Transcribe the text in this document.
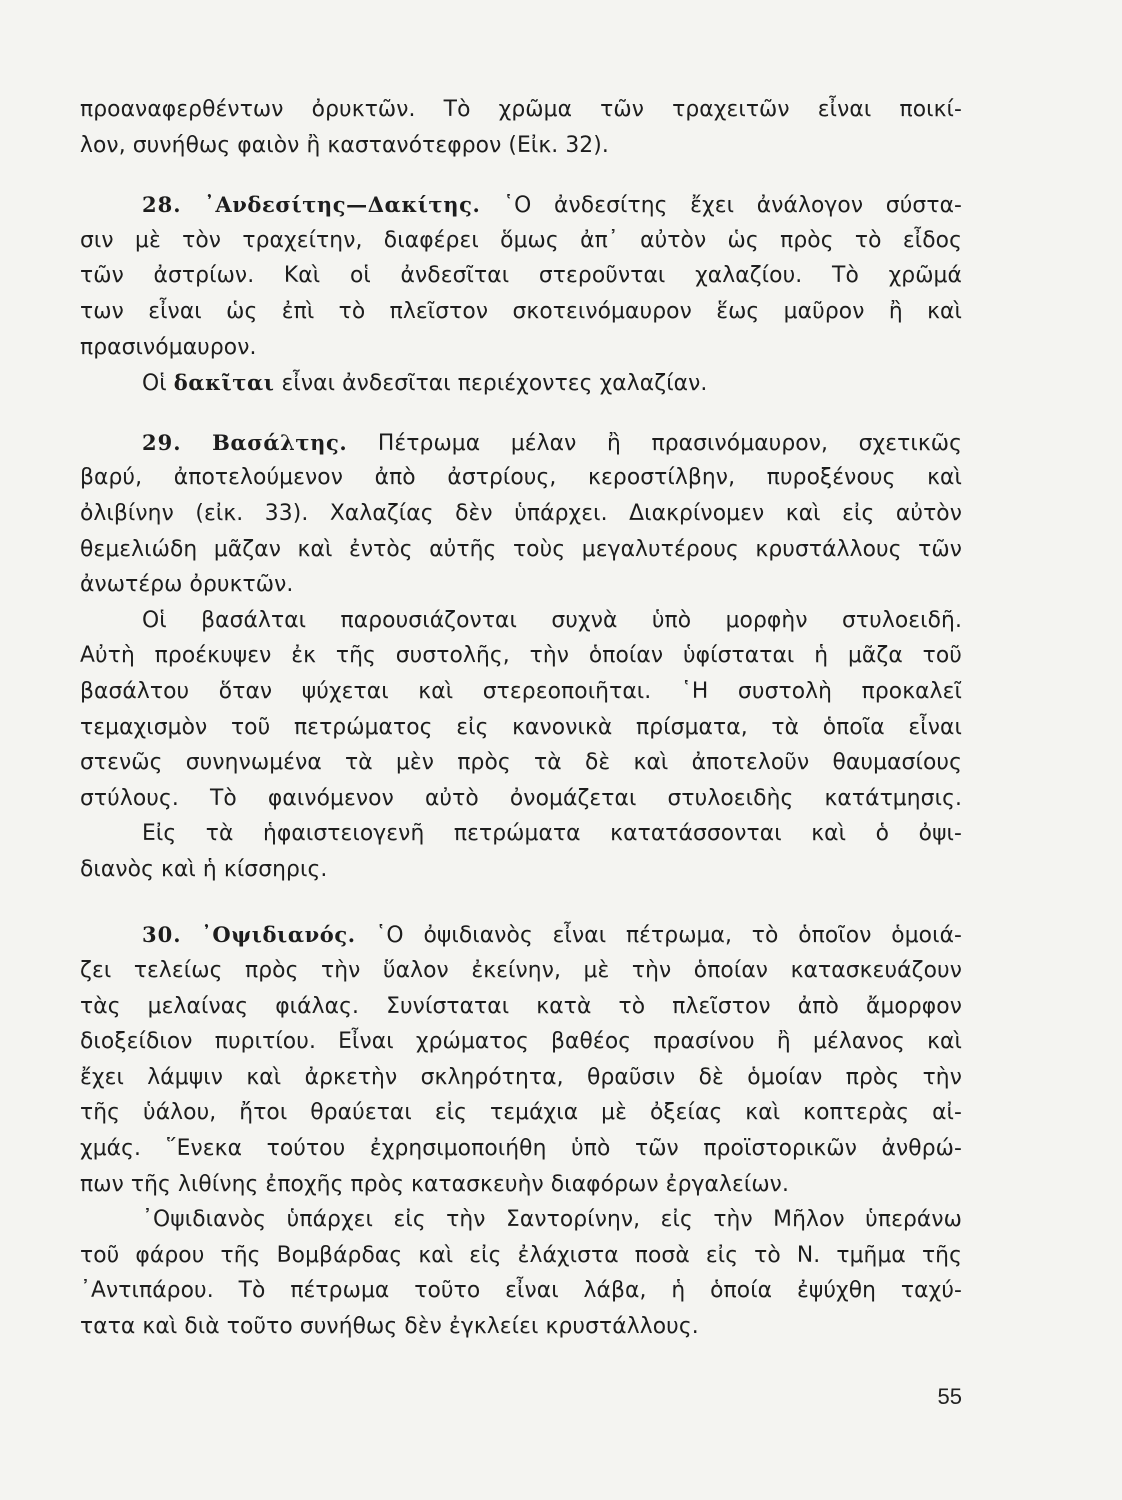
προαναφερθέντων ὀρυκτῶν. Τὸ χρῶμα τῶν τραχειτῶν εἶναι ποικί-
λον, συνήθως φαιὸν ἢ καστανότεφρον (Εἰκ. 32).
28. ᾿Ανδεσίτης—Δακίτης. ῾Ο ἀνδεσίτης ἔχει ἀνάλογον σύστα-
σιν μὲ τὸν τραχείτην, διαφέρει ὅμως ἀπ᾿ αὐτὸν ὡς πρὸς τὸ εἶδος
τῶν ἀστρίων. Καὶ οἱ ἀνδεσῖται στεροῦνται χαλαζίου. Τὸ χρῶμά
των εἶναι ὡς ἐπὶ τὸ πλεῖστον σκοτεινόμαυρον ἕως μαῦρον ἢ καὶ
πρασινόμαυρον.
Οἱ δακῖται εἶναι ἀνδεσῖται περιέχοντες χαλαζίαν.
29. Βασάλτης. Πέτρωμα μέλαν ἢ πρασινόμαυρον, σχετικῶς
βαρύ, ἀποτελούμενον ἀπὸ ἀστρίους, κεροστίλβην, πυροξένους καὶ
ὀλιβίνην (εἰκ. 33). Χαλαζίας δὲν ὑπάρχει. Διακρίνομεν καὶ εἰς αὐτὸν
θεμελιώδη μᾶζαν καὶ ἐντὸς αὐτῆς τοὺς μεγαλυτέρους κρυστάλλους τῶν
ἀνωτέρω ὀρυκτῶν.
Οἱ βασάλται παρουσιάζονται συχνὰ ὑπὸ μορφὴν στυλοειδῆ.
Αὐτὴ προέκυψεν ἐκ τῆς συστολῆς, τὴν ὁποίαν ὑφίσταται ἡ μᾶζα τοῦ
βασάλτου ὅταν ψύχεται καὶ στερεοποιῆται. ῾Η συστολὴ προκαλεῖ
τεμαχισμὸν τοῦ πετρώματος εἰς κανονικὰ πρίσματα, τὰ ὁποῖα εἶναι
στενῶς συνηνωμένα τὰ μὲν πρὸς τὰ δὲ καὶ ἀποτελοῦν θαυμασίους
στύλους. Τὸ φαινόμενον αὐτὸ ὀνομάζεται στυλοειδὴς κατάτμησις.
Εἰς τὰ ἡφαιστειογενῆ πετρώματα κατατάσσονται καὶ ὁ ὀψι-
διανὸς καὶ ἡ κίσσηρις.
30. ᾿Οψιδιανός. ῾Ο ὀψιδιανὸς εἶναι πέτρωμα, τὸ ὁποῖον ὁμοιά-
ζει τελείως πρὸς τὴν ὕαλον ἐκείνην, μὲ τὴν ὁποίαν κατασκευάζουν
τὰς μελαίνας φιάλας. Συνίσταται κατὰ τὸ πλεῖστον ἀπὸ ἄμορφον
διοξείδιον πυριτίου. Εἶναι χρώματος βαθέος πρασίνου ἢ μέλανος καὶ
ἔχει λάμψιν καὶ ἀρκετὴν σκληρότητα, θραῦσιν δὲ ὁμοίαν πρὸς τὴν
τῆς ὑάλου, ἤτοι θραύεται εἰς τεμάχια μὲ ὀξείας καὶ κοπτερὰς αἰ-
χμάς. ῞Ενεκα τούτου ἐχρησιμοποιήθη ὑπὸ τῶν προϊστορικῶν ἀνθρώ-
πων τῆς λιθίνης ἐποχῆς πρὸς κατασκευὴν διαφόρων ἐργαλείων.
᾿Οψιδιανὸς ὑπάρχει εἰς τὴν Σαντορίνην, εἰς τὴν Μῆλον ὑπεράνω
τοῦ φάρου τῆς Βομβάρδας καὶ εἰς ἐλάχιστα ποσὰ εἰς τὸ Ν. τμῆμα τῆς
᾿Αντιπάρου. Τὸ πέτρωμα τοῦτο εἶναι λάβα, ἡ ὁποία ἐψύχθη ταχύ-
τατα καὶ διὰ τοῦτο συνήθως δὲν ἐγκλείει κρυστάλλους.
55
